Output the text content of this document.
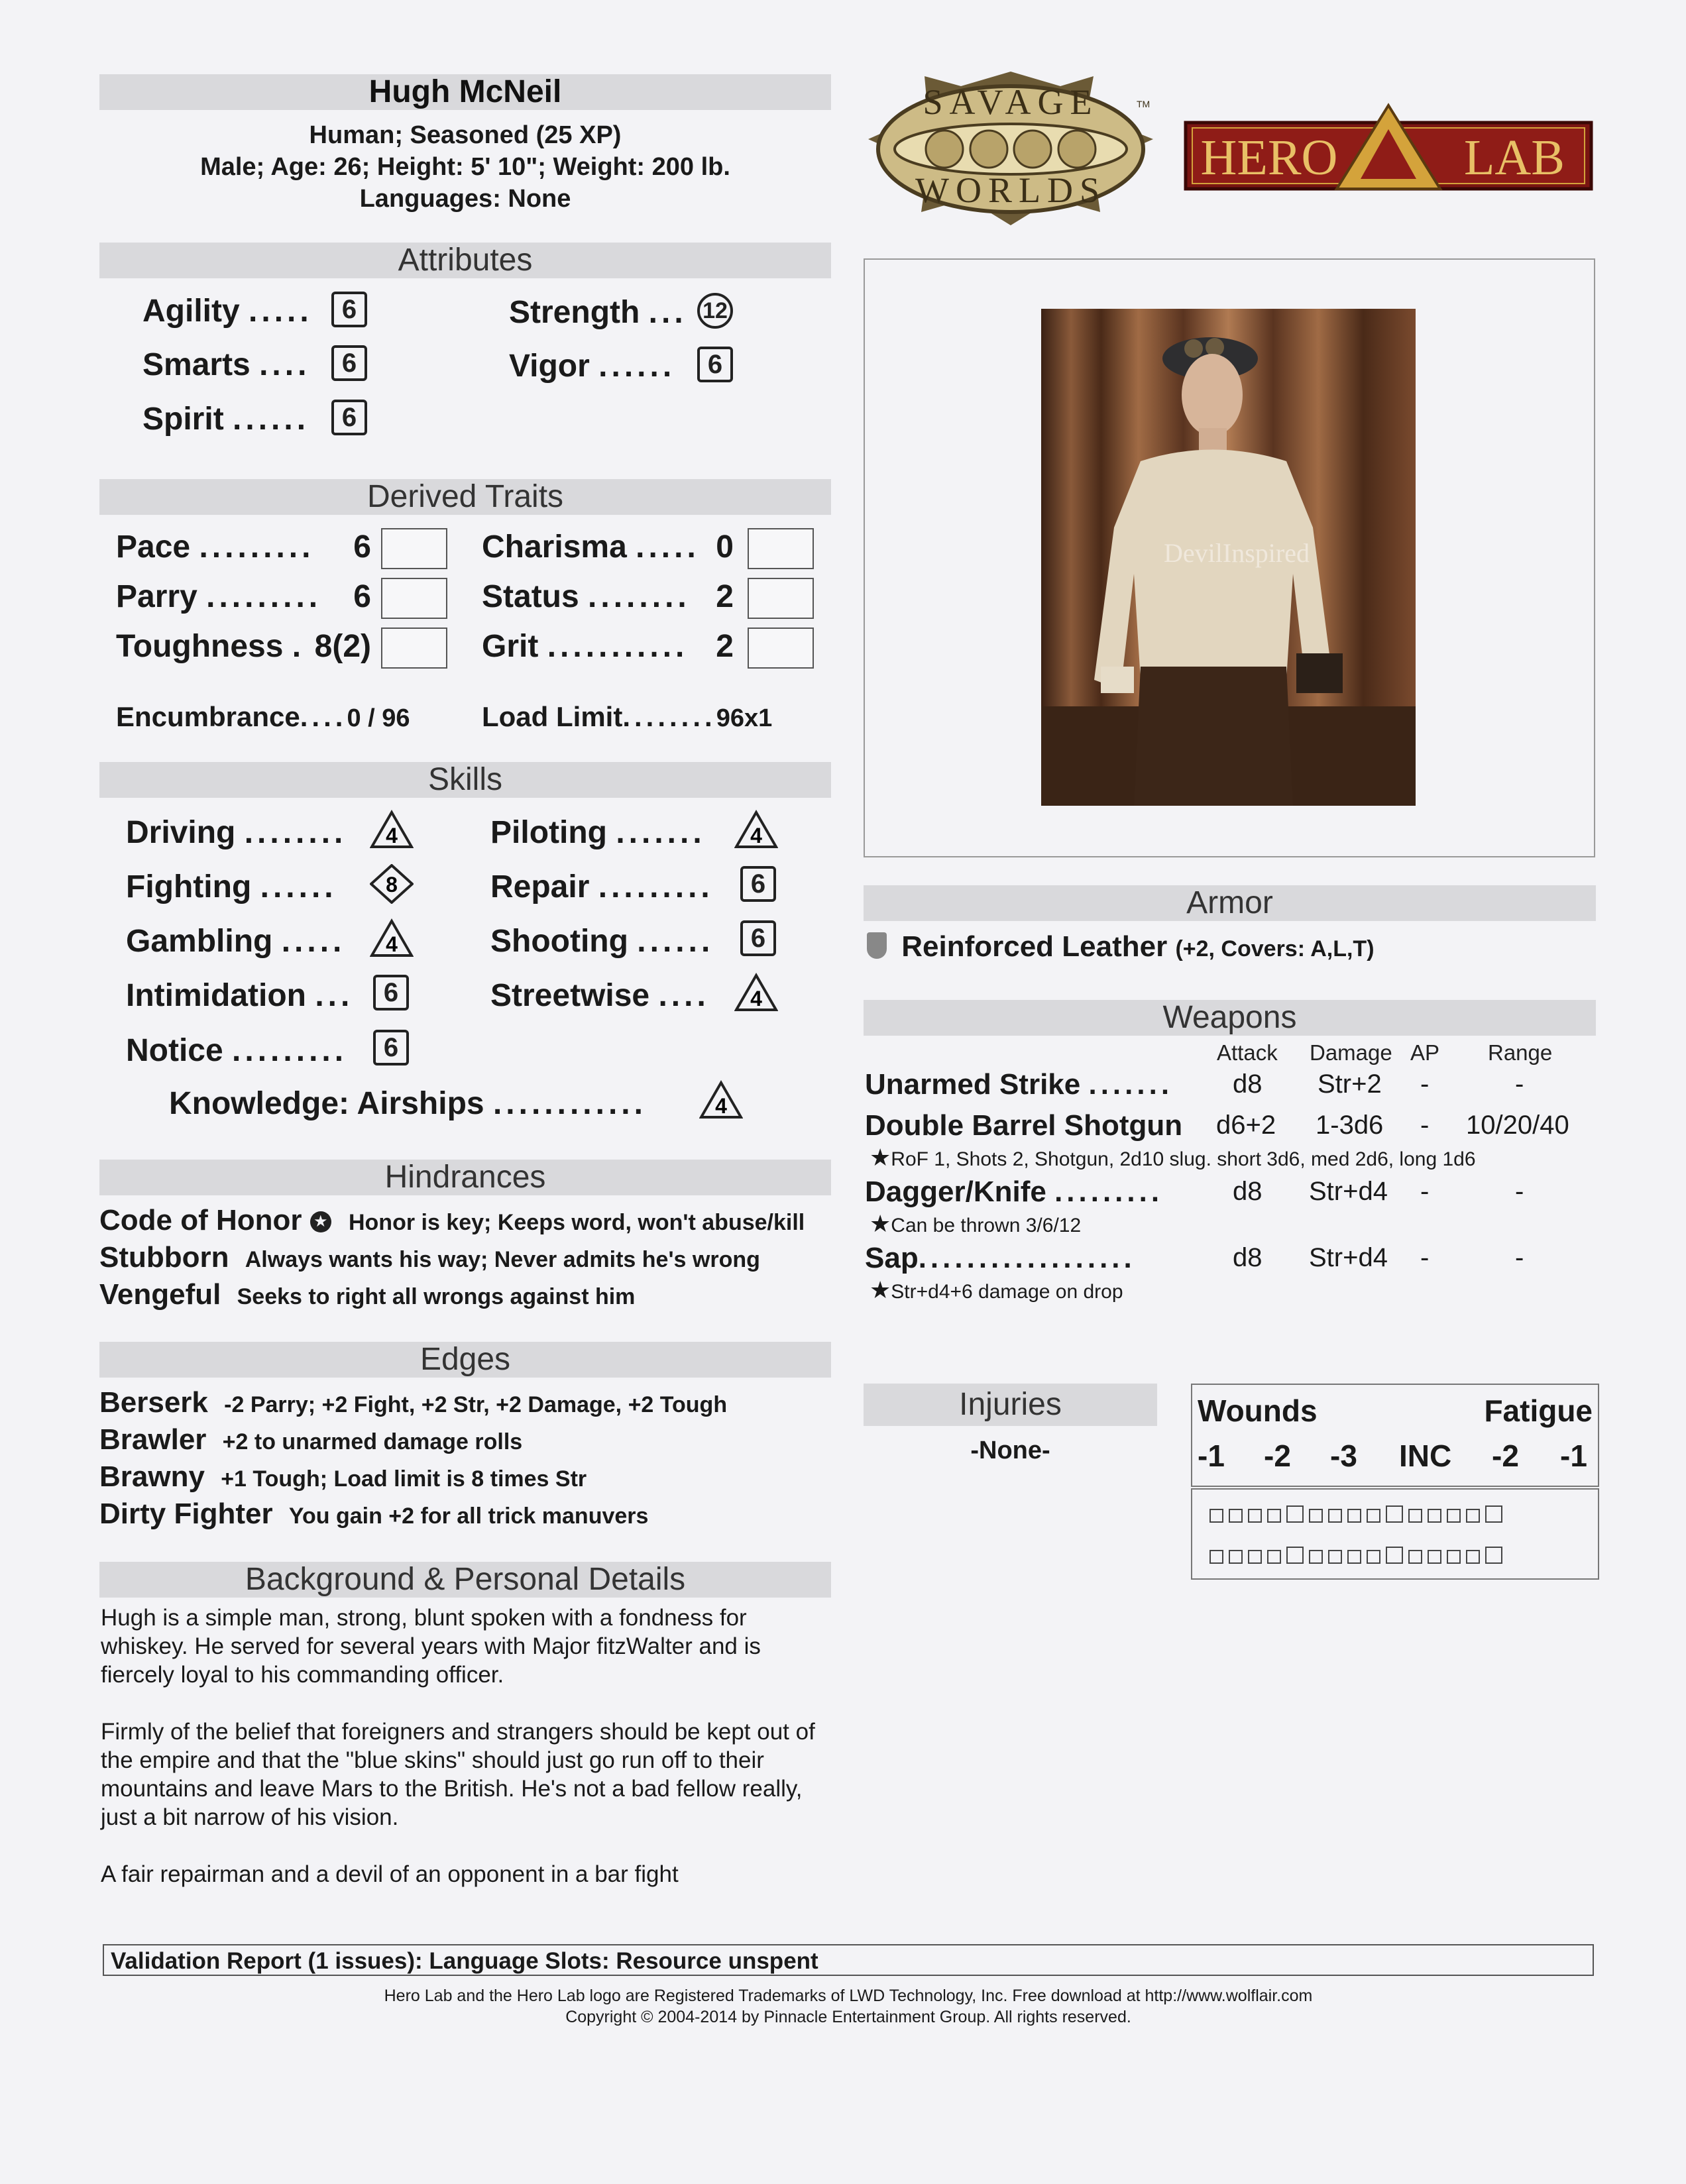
Hugh McNeil
Human; Seasoned (25 XP)
Male; Age: 26; Height: 5' 10"; Weight: 200 lb.
Languages: None
SAVAGE
WORLDS
TM
HERO	LAB
Attributes
Agility .....	6
Smarts ....	6
Spirit ......	6
Strength ... 12
Vigor ......	6
Derived Traits
Pace ......... 6
Parry ......... 6
Toughness . 8(2)
Charisma ..... 0
Status ........ 2
Grit ........... 2
Encumbrance....0 / 96	Load Limit........96x1
Skills
Driving ........ 4
Fighting ...... 8
Gambling ..... 4
Intimidation ...	6
Notice .........	6
Piloting ....... 4
Repair .........	6
Shooting ......	6
Streetwise .... 4
Knowledge: Airships ............	4
Hindrances
Code of Honor ★ Honor is key; Keeps word, won't abuse/kill
Stubborn Always wants his way; Never admits he's wrong
Vengeful Seeks to right all wrongs against him
Edges
Berserk -2 Parry; +2 Fight, +2 Str, +2 Damage, +2 Tough
Brawler +2 to unarmed damage rolls
Brawny +1 Tough; Load limit is 8 times Str
Dirty Fighter You gain +2 for all trick manuvers
Background & Personal Details

Hugh is a simple man, strong, blunt spoken with a fondness for whiskey. He served for several years with Major fitzWalter and is fiercely loyal to his commanding officer.

Firmly of the belief that foreigners and strangers should be kept out of the empire and that the "blue skins" should just go run off to their mountains and leave Mars to the British. He's not a bad fellow really, just a bit narrow of his vision.

A fair repairman and a devil of an opponent in a bar fight

DevilInspired
Armor
Reinforced Leather (+2, Covers: A,L,T)
Weapons
Attack Damage AP Range
Unarmed Strike ....... d8 Str+2 -	-
Double Barrel Shotgun d6+2 1-3d6 - 10/20/40
★RoF 1, Shots 2, Shotgun, 2d10 slug. short 3d6, med 2d6, long 1d6
Dagger/Knife .........	d8 Str+d4 -	-
★Can be thrown 3/6/12
Sap..................	d8 Str+d4 -	-
★Str+d4+6 damage on drop
Injuries
-None-
Wounds	Fatigue
-1 -2 -3 INC -2 -1
Validation Report (1 issues): Language Slots: Resource unspent
Hero Lab and the Hero Lab logo are Registered Trademarks of LWD Technology, Inc. Free download at http://www.wolflair.com
Copyright © 2004-2014 by Pinnacle Entertainment Group. All rights reserved.
